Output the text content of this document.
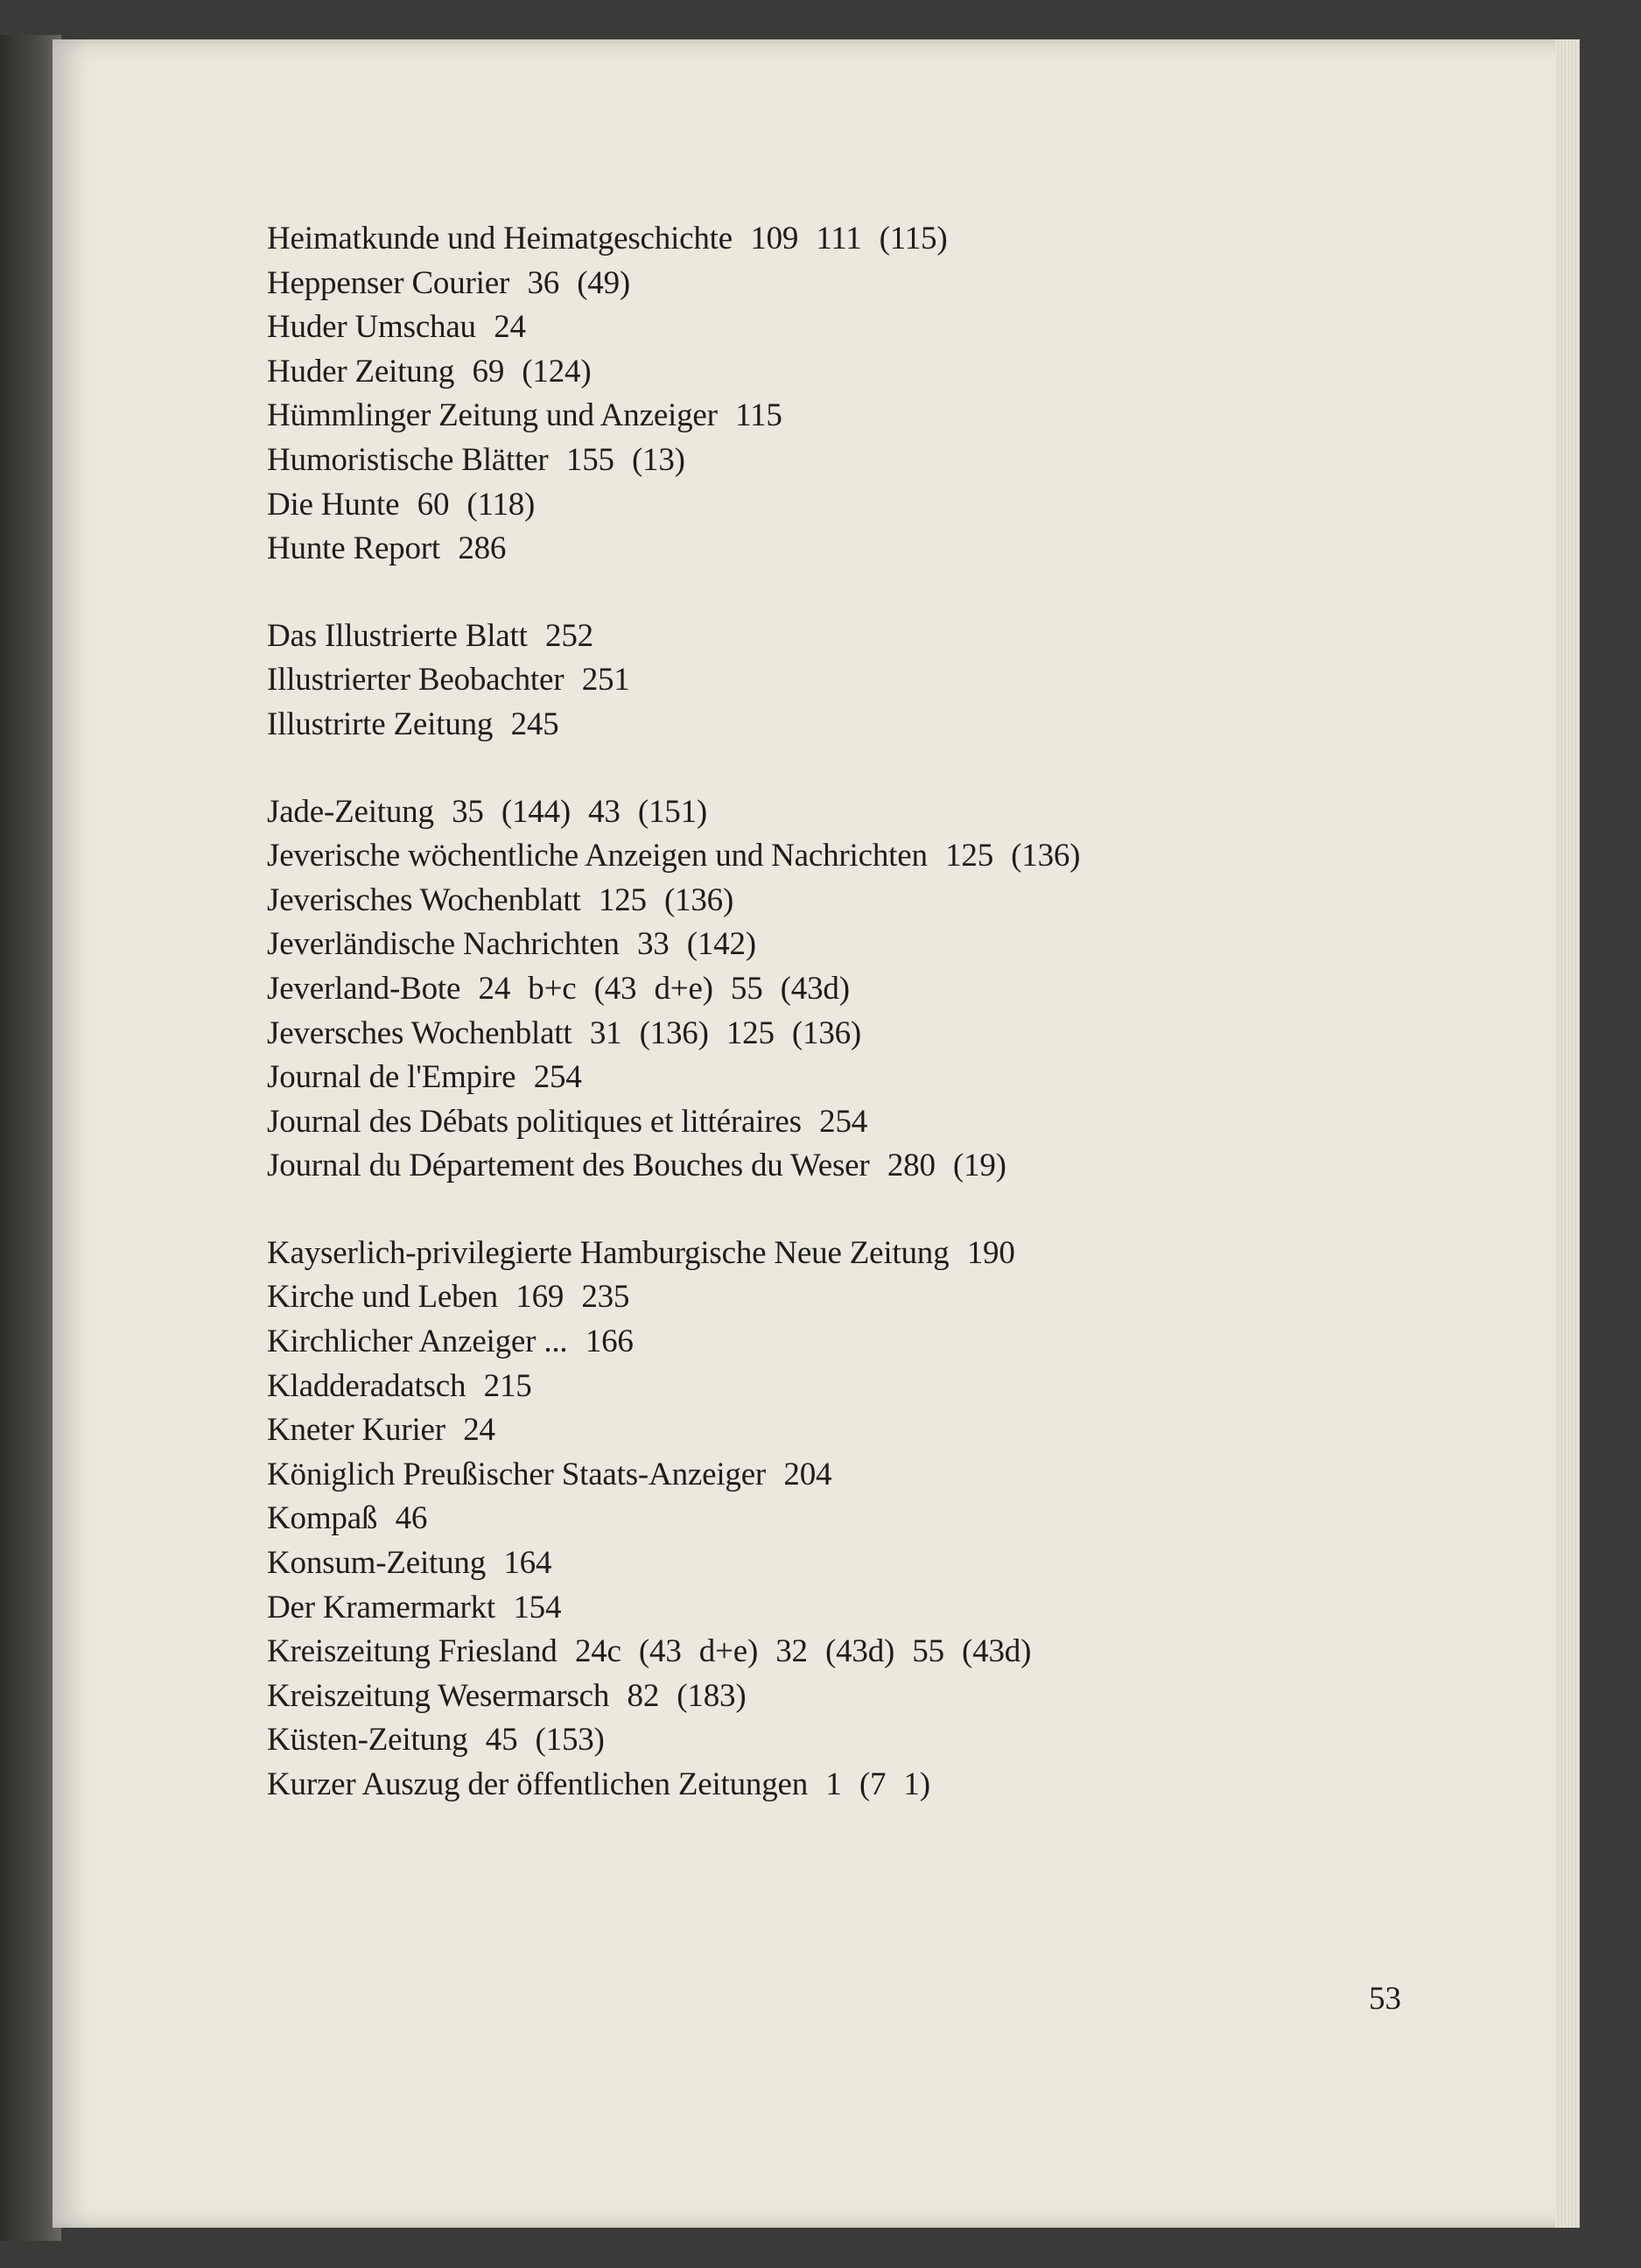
Heimatkunde und Heimatgeschichte 109 111 (115)
Heppenser Courier 36 (49)
Huder Umschau 24
Huder Zeitung 69 (124)
Hümmlinger Zeitung und Anzeiger 115
Humoristische Blätter 155 (13)
Die Hunte 60 (118)
Hunte Report 286
Das Illustrierte Blatt 252
Illustrierter Beobachter 251
Illustrirte Zeitung 245
Jade-Zeitung 35 (144) 43 (151)
Jeverische wöchentliche Anzeigen und Nachrichten 125 (136)
Jeverisches Wochenblatt 125 (136)
Jeverländische Nachrichten 33 (142)
Jeverland-Bote 24 b+c (43 d+e) 55 (43d)
Jeversches Wochenblatt 31 (136) 125 (136)
Journal de l'Empire 254
Journal des Débats politiques et littéraires 254
Journal du Département des Bouches du Weser 280 (19)
Kayserlich-privilegierte Hamburgische Neue Zeitung 190
Kirche und Leben 169 235
Kirchlicher Anzeiger ... 166
Kladderadatsch 215
Kneter Kurier 24
Königlich Preußischer Staats-Anzeiger 204
Kompaß 46
Konsum-Zeitung 164
Der Kramermarkt 154
Kreiszeitung Friesland 24c (43 d+e) 32 (43d) 55 (43d)
Kreiszeitung Wesermarsch 82 (183)
Küsten-Zeitung 45 (153)
Kurzer Auszug der öffentlichen Zeitungen 1 (7 1)
53
